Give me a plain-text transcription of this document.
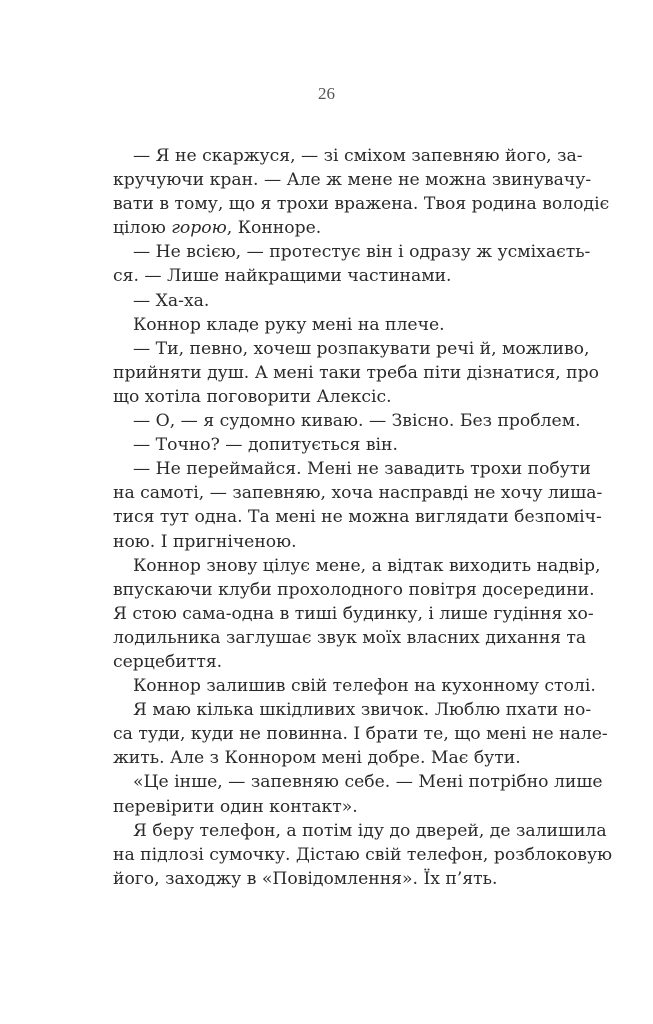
26
— Я не скаржуся, — зі сміхом запевняю його, за-
кручуючи кран. — Але ж мене не можна звинувачу-
вати в тому, що я трохи вражена. Твоя родина володіє
цілою горою, Конноре.
— Не всією, — протестує він і одразу ж усміхаєть-
ся. — Лише найкращими частинами.
— Ха-ха.
Коннор кладе руку мені на плече.
— Ти, певно, хочеш розпакувати речі й, можливо,
прийняти душ. А мені таки треба піти дізнатися, про
що хотіла поговорити Алексіс.
— О, — я судомно киваю. — Звісно. Без проблем.
— Точно? — допитується він.
— Не переймайся. Мені не завадить трохи побути
на самоті, — запевняю, хоча насправді не хочу лиша-
тися тут одна. Та мені не можна виглядати безпоміч-
ною. І пригніченою.
Коннор знову цілує мене, а відтак виходить надвір,
впускаючи клуби прохолодного повітря досередини.
Я стою сама-одна в тиші будинку, і лише гудіння хо-
лодильника заглушає звук моїх власних дихання та
серцебиття.
Коннор залишив свій телефон на кухонному столі.
Я маю кілька шкідливих звичок. Люблю пхати но-
са туди, куди не повинна. І брати те, що мені не нале-
жить. Але з Коннором мені добре. Має бути.
«Це інше, — запевняю себе. — Мені потрібно лише
перевірити один контакт».
Я беру телефон, а потім іду до дверей, де залишила
на підлозі сумочку. Дістаю свій телефон, розблоковую
його, заходжу в «Повідомлення». Їх п’ять.
